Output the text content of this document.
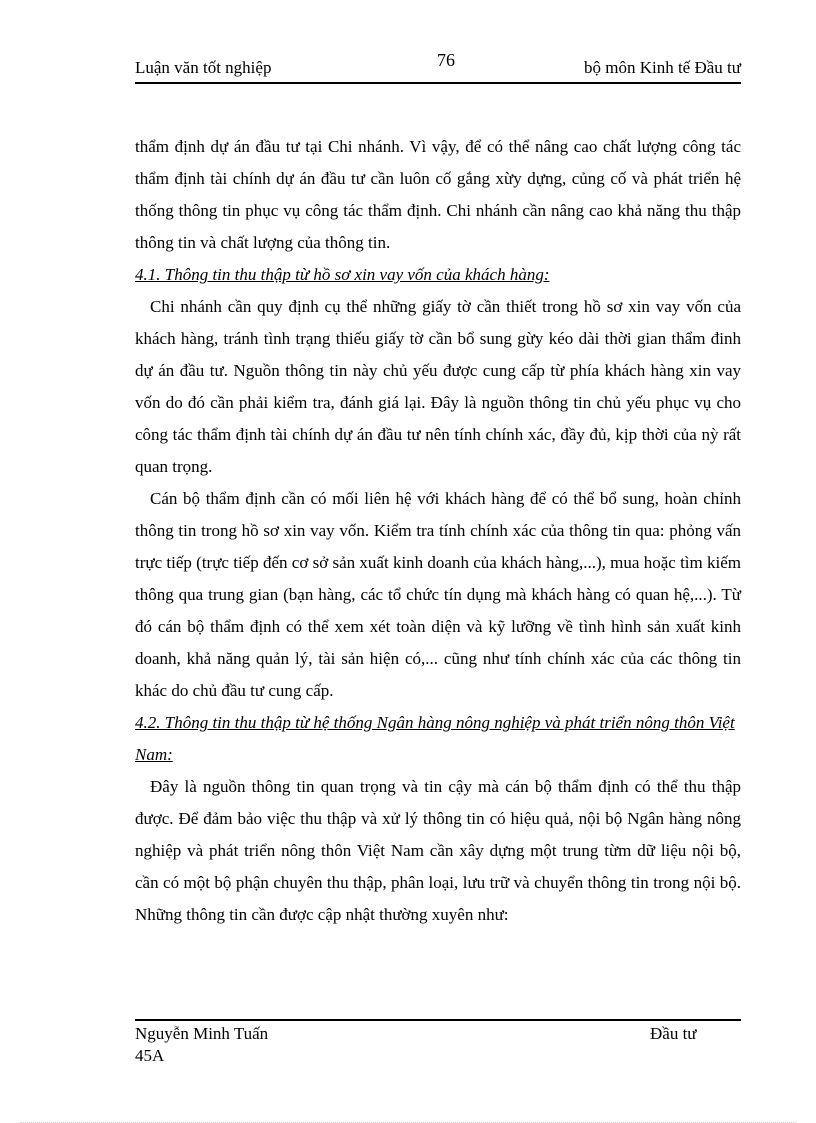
76
Luận văn tốt nghiệp	bộ môn Kinh tế Đầu tư

thẩm định dự án đầu tư tại Chi nhánh. Vì vậy, để có thể nâng cao chất lượng công tác thẩm định tài chính dự án đầu tư cần luôn cố gắng xừy dựng, củng cố và phát triển hệ thống thông tin phục vụ công tác thẩm định. Chi nhánh cần nâng cao khả năng thu thập thông tin và chất lượng của thông tin.

4.1. Thông tin thu thập từ hồ sơ xin vay vốn của khách hàng:

Chi nhánh cần quy định cụ thể những giấy tờ cần thiết trong hồ sơ xin vay vốn của khách hàng, tránh tình trạng thiếu giấy tờ cần bổ sung gừy kéo dài thời gian thẩm đinh dự án đầu tư. Nguồn thông tin này chủ yếu được cung cấp từ phía khách hàng xin vay vốn do đó cần phải kiểm tra, đánh giá lại. Đây là nguồn thông tin chủ yếu phục vụ cho công tác thẩm định tài chính dự án đầu tư nên tính chính xác, đầy đủ, kịp thời của nỳ rất quan trọng.

Cán bộ thẩm định cần có mối liên hệ với khách hàng để có thể bổ sung, hoàn chỉnh thông tin trong hồ sơ xin vay vốn. Kiểm tra tính chính xác của thông tin qua: phỏng vấn trực tiếp (trực tiếp đến cơ sở sản xuất kinh doanh của khách hàng,...), mua hoặc tìm kiếm thông qua trung gian (bạn hàng, các tổ chức tín dụng mà khách hàng có quan hệ,...). Từ đó cán bộ thẩm định có thể xem xét toàn diện và kỹ lưỡng về tình hình sản xuất kinh doanh, khả năng quản lý, tài sản hiện có,... cũng như tính chính xác của các thông tin khác do chủ đầu tư cung cấp.

4.2. Thông tin thu thập từ hệ thống Ngân hàng nông nghiệp và phát triển nông thôn Việt Nam:

Đây là nguồn thông tin quan trọng và tin cậy mà cán bộ thẩm định có thể thu thập được. Để đảm bảo việc thu thập và xử lý thông tin có hiệu quả, nội bộ Ngân hàng nông nghiệp và phát triển nông thôn Việt Nam cần xây dựng một trung từm dữ liệu nội bộ, cần có một bộ phận chuyên thu thập, phân loại, lưu trữ và chuyển thông tin trong nội bộ. Những thông tin cần được cập nhật thường xuyên như:

Nguyễn Minh Tuấn
45A
Đầu tư
